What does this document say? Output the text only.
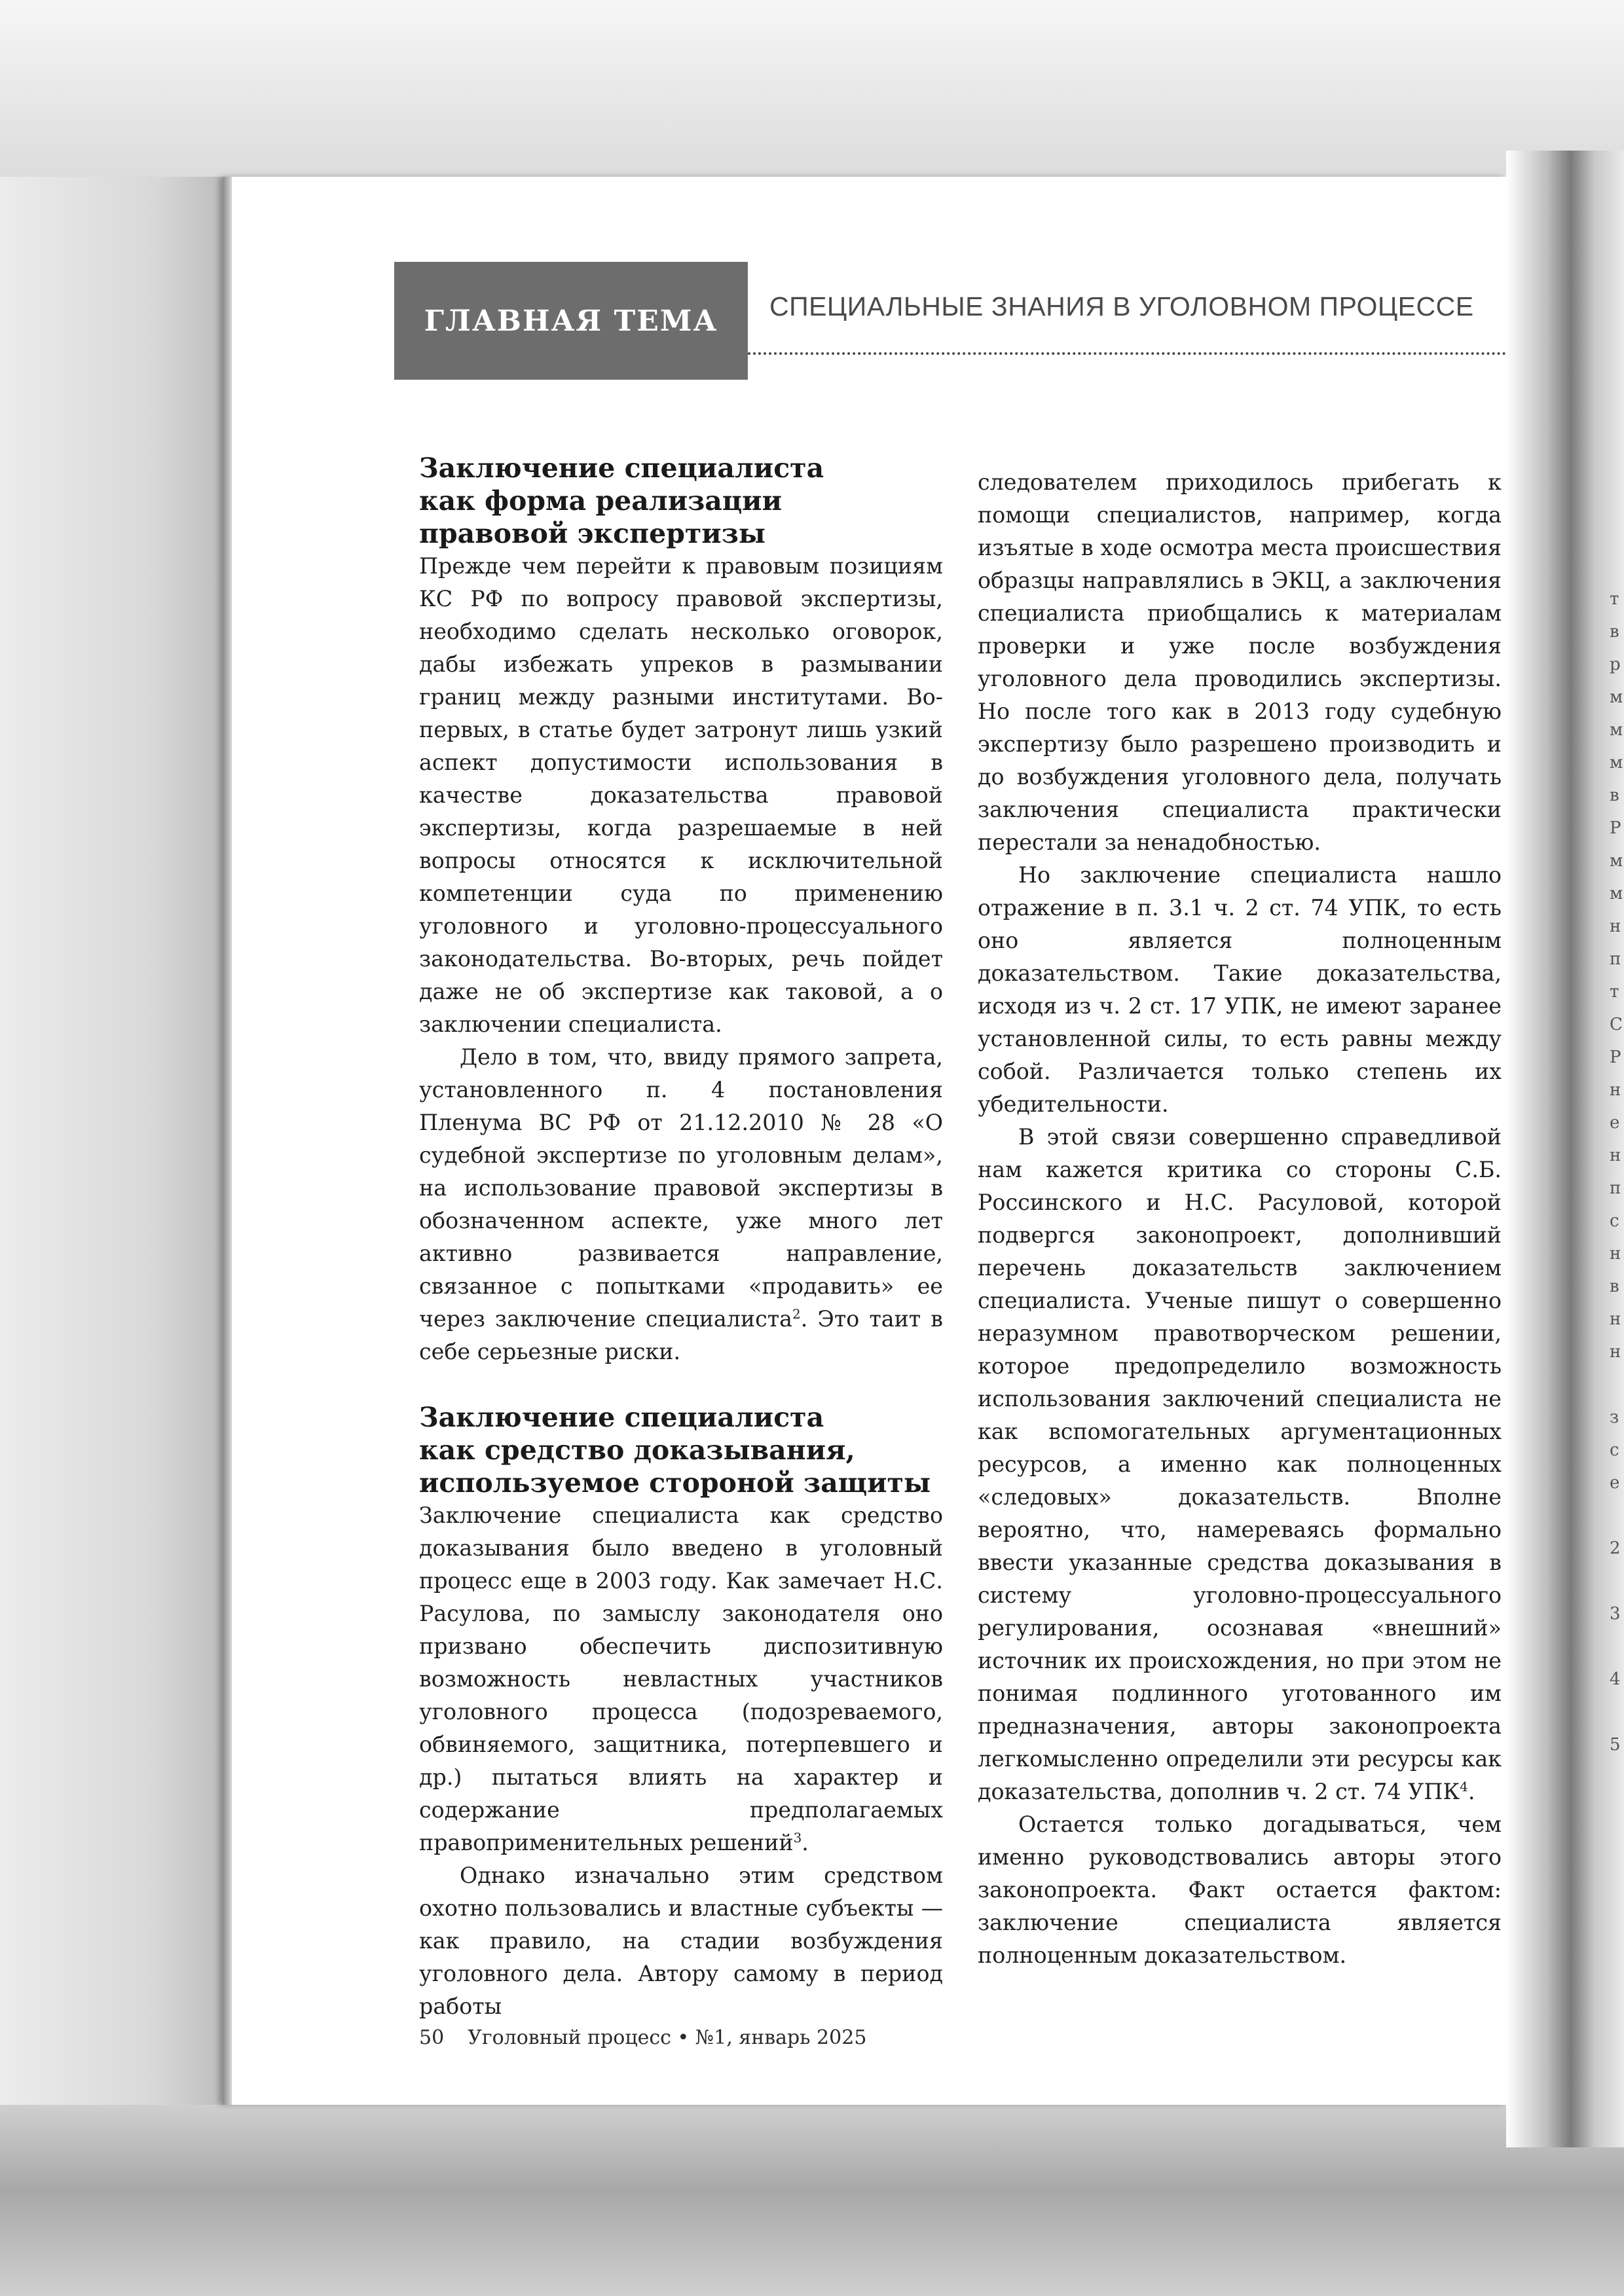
ГЛАВНАЯ ТЕМА СПЕЦИАЛЬНЫЕ ЗНАНИЯ В УГОЛОВНОМ ПРОЦЕССЕ
Заключение специалиста
как форма реализации
правовой экспертизы

Прежде чем перейти к правовым позициям КС РФ по вопросу правовой экспертизы, необходимо сделать несколько оговорок, дабы избежать упреков в размывании границ между разными институтами. Во-первых, в статье будет затронут лишь узкий аспект допустимости использования в качестве доказательства правовой экспертизы, когда разрешаемые в ней вопросы относятся к исключительной компетенции суда по применению уголовного и уголовно-процессуального законодательства. Во-вторых, речь пойдет даже не об экспертизе как таковой, а о заключении специалиста.

Дело в том, что, ввиду прямого запрета, установленного п. 4 постановления Пленума ВС РФ от 21.12.2010 № 28 «О судебной экспертизе по уголовным делам», на использование правовой экспертизы в обозначенном аспекте, уже много лет активно развивается направление, связанное с попытками «продавить» ее через заключение специалиста$^2$. Это таит в себе серьезные риски.

Заключение специалиста
как средство доказывания,
используемое стороной защиты

Заключение специалиста как средство доказывания было введено в уголовный процесс еще в 2003 году. Как замечает Н.С. Расулова, по замыслу законодателя оно призвано обеспечить диспозитивную возможность невластных участников уголовного процесса (подозреваемого, обвиняемого, защитника, потерпевшего и др.) пытаться влиять на характер и содержание предполагаемых правоприменительных решений$^3$.

Однако изначально этим средством охотно пользовались и властные субъекты — как правило, на стадии возбуждения уголовного дела. Автору самому в период работы

следователем приходилось прибегать к помощи специалистов, например, когда изъятые в ходе осмотра места происшествия образцы направлялись в ЭКЦ, а заключения специалиста приобщались к материалам проверки и уже после возбуждения уголовного дела проводились экспертизы. Но после того как в 2013 году судебную экспертизу было разрешено производить и до возбуждения уголовного дела, получать заключения специалиста практически перестали за ненадобностью.

Но заключение специалиста нашло отражение в п. 3.1 ч. 2 ст. 74 УПК, то есть оно является полноценным доказательством. Такие доказательства, исходя из ч. 2 ст. 17 УПК, не имеют заранее установленной силы, то есть равны между собой. Различается только степень их убедительности.

В этой связи совершенно справедливой нам кажется критика со стороны С.Б. Россинского и Н.С. Расуловой, которой подвергся законопроект, дополнивший перечень доказательств заключением специалиста. Ученые пишут о совершенно неразумном правотворческом решении, которое предопределило возможность использования заключений специалиста не как вспомогательных аргументационных ресурсов, а именно как полноценных «следовых» доказательств. Вполне вероятно, что, намереваясь формально ввести указанные средства доказывания в систему уголовно-процессуального регулирования, осознавая «внешний» источник их происхождения, но при этом не понимая подлинного уготованного им предназначения, авторы законопроекта легкомысленно определили эти ресурсы как доказательства, дополнив ч. 2 ст. 74 УПК$^4$.

Остается только догадываться, чем именно руководствовались авторы этого законопроекта. Факт остается фактом: заключение специалиста является полноценным доказательством.

50 Уголовный процесс • №1, январь 2025
т
в
р
м
м
м
в
Р
м
м
н
п
т
С
Р
н
е
н
п
с
н
в
н
н

з
с
е

2

3

4

5
